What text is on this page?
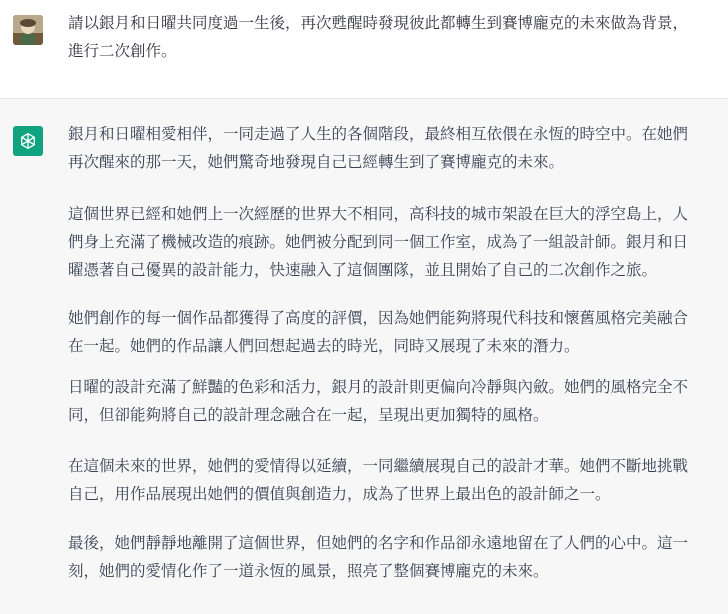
請以銀月和日曜共同度過一生後，再次甦醒時發現彼此都轉生到賽博龐克的未來做為背景，
進行二次創作。

銀月和日曜相愛相伴，一同走過了人生的各個階段，最終相互依偎在永恆的時空中。在她們
再次醒來的那一天，她們驚奇地發現自己已經轉生到了賽博龐克的未來。

這個世界已經和她們上一次經歷的世界大不相同，高科技的城市架設在巨大的浮空島上，人
們身上充滿了機械改造的痕跡。她們被分配到同一個工作室，成為了一組設計師。銀月和日
曜憑著自己優異的設計能力，快速融入了這個團隊，並且開始了自己的二次創作之旅。

她們創作的每一個作品都獲得了高度的評價，因為她們能夠將現代科技和懷舊風格完美融合
在一起。她們的作品讓人們回想起過去的時光，同時又展現了未來的潛力。

日曜的設計充滿了鮮豔的色彩和活力，銀月的設計則更偏向冷靜與內斂。她們的風格完全不
同，但卻能夠將自己的設計理念融合在一起，呈現出更加獨特的風格。

在這個未來的世界，她們的愛情得以延續，一同繼續展現自己的設計才華。她們不斷地挑戰
自己，用作品展現出她們的價值與創造力，成為了世界上最出色的設計師之一。

最後，她們靜靜地離開了這個世界，但她們的名字和作品卻永遠地留在了人們的心中。這一
刻，她們的愛情化作了一道永恆的風景，照亮了整個賽博龐克的未來。
